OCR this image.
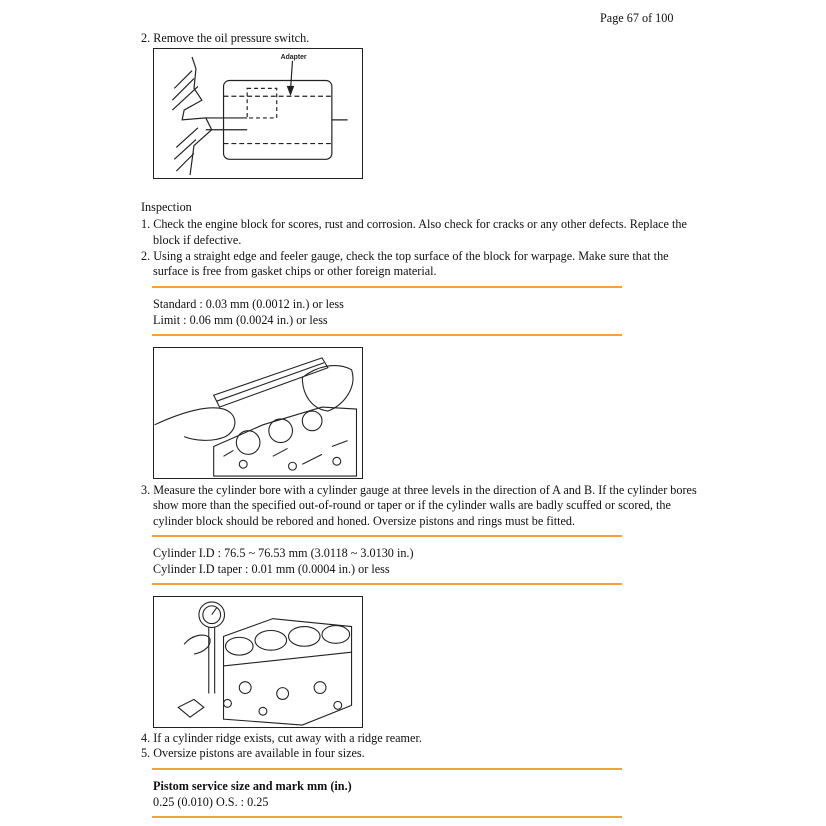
Page 67 of 100
2. Remove the oil pressure switch.
Adapter
Inspection
1. Check the engine block for scores, rust and corrosion. Also check for cracks or any other defects. Replace the
block if defective.
2. Using a straight edge and feeler gauge, check the top surface of the block for warpage. Make sure that the
surface is free from gasket chips or other foreign material.
Standard : 0.03 mm (0.0012 in.) or less
Limit : 0.06 mm (0.0024 in.) or less
3. Measure the cylinder bore with a cylinder gauge at three levels in the direction of A and B. If the cylinder bores
show more than the specified out-of-round or taper or if the cylinder walls are badly scuffed or scored, the
cylinder block should be rebored and honed. Oversize pistons and rings must be fitted.
Cylinder I.D : 76.5 ~ 76.53 mm (3.0118 ~ 3.0130 in.)
Cylinder I.D taper : 0.01 mm (0.0004 in.) or less
4. If a cylinder ridge exists, cut away with a ridge reamer.
5. Oversize pistons are available in four sizes.
Pistom service size and mark mm (in.)
0.25 (0.010) O.S. : 0.25
